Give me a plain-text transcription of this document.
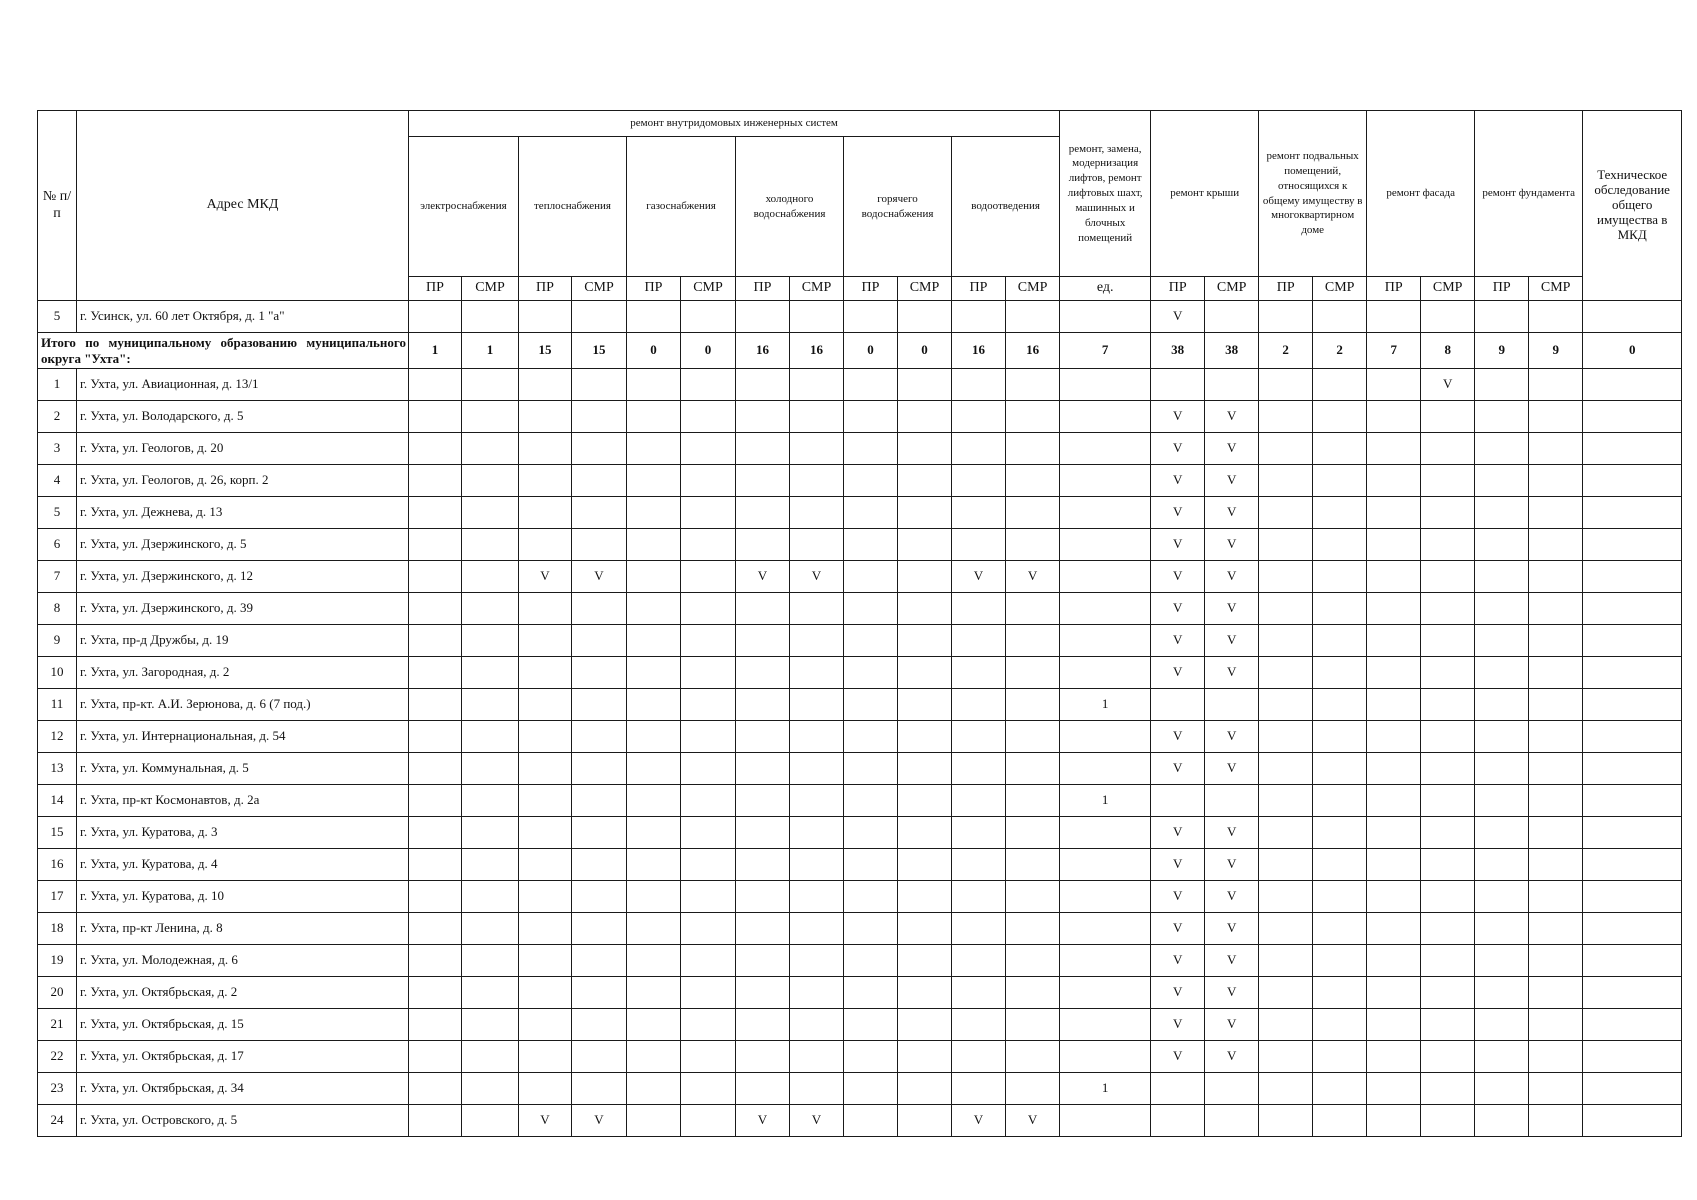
№ п/п	Адрес МКД	ремонт внутридомовых инженерных систем												ремонт, замена, модернизация лифтов, ремонт лифтовых шахт, машинных и блочных помещений	ремонт крыши		ремонт подвальных помещений, относящихся к общему имуществу в многоквартирном доме		ремонт фасада		ремонт фундамента		Техническое обследование общего имущества в МКД
		электроснабжения		теплоснабжения		газоснабжения		холодного водоснабжения		горячего водоснабжения		водоотведения											
		ПР	СМР	ПР	СМР	ПР	СМР	ПР	СМР	ПР	СМР	ПР	СМР	ед.	ПР	СМР	ПР	СМР	ПР	СМР	ПР	СМР	
5	г. Усинск, ул. 60 лет Октября, д. 1 "а"														V								
Итого по муниципальному образованию муниципального округа "Ухта":		1	1	15	15	0	0	16	16	0	0	16	16	7	38	38	2	2	7	8	9	9	0
1	г. Ухта, ул. Авиационная, д. 13/1																			V			
2	г. Ухта, ул. Володарского, д. 5														V	V							
3	г. Ухта, ул. Геологов, д. 20														V	V							
4	г. Ухта, ул. Геологов, д. 26, корп. 2														V	V							
5	г. Ухта, ул. Дежнева, д. 13														V	V							
6	г. Ухта, ул. Дзержинского, д. 5														V	V							
7	г. Ухта, ул. Дзержинского, д. 12			V	V			V	V			V	V		V	V							
8	г. Ухта, ул. Дзержинского, д. 39														V	V							
9	г. Ухта, пр-д Дружбы, д. 19														V	V							
10	г. Ухта, ул. Загородная, д. 2														V	V							
11	г. Ухта, пр-кт. А.И. Зерюнова, д. 6 (7 под.)													1									
12	г. Ухта, ул. Интернациональная, д. 54														V	V							
13	г. Ухта, ул. Коммунальная, д. 5														V	V							
14	г. Ухта, пр-кт Космонавтов, д. 2а													1									
15	г. Ухта, ул. Куратова, д. 3														V	V							
16	г. Ухта, ул. Куратова, д. 4														V	V							
17	г. Ухта, ул. Куратова, д. 10														V	V							
18	г. Ухта, пр-кт Ленина, д. 8														V	V							
19	г. Ухта, ул. Молодежная, д. 6														V	V							
20	г. Ухта, ул. Октябрьская, д. 2														V	V							
21	г. Ухта, ул. Октябрьская, д. 15														V	V							
22	г. Ухта, ул. Октябрьская, д. 17														V	V							
23	г. Ухта, ул. Октябрьская, д. 34													1									
24	г. Ухта, ул. Островского, д. 5			V	V			V	V			V	V										
